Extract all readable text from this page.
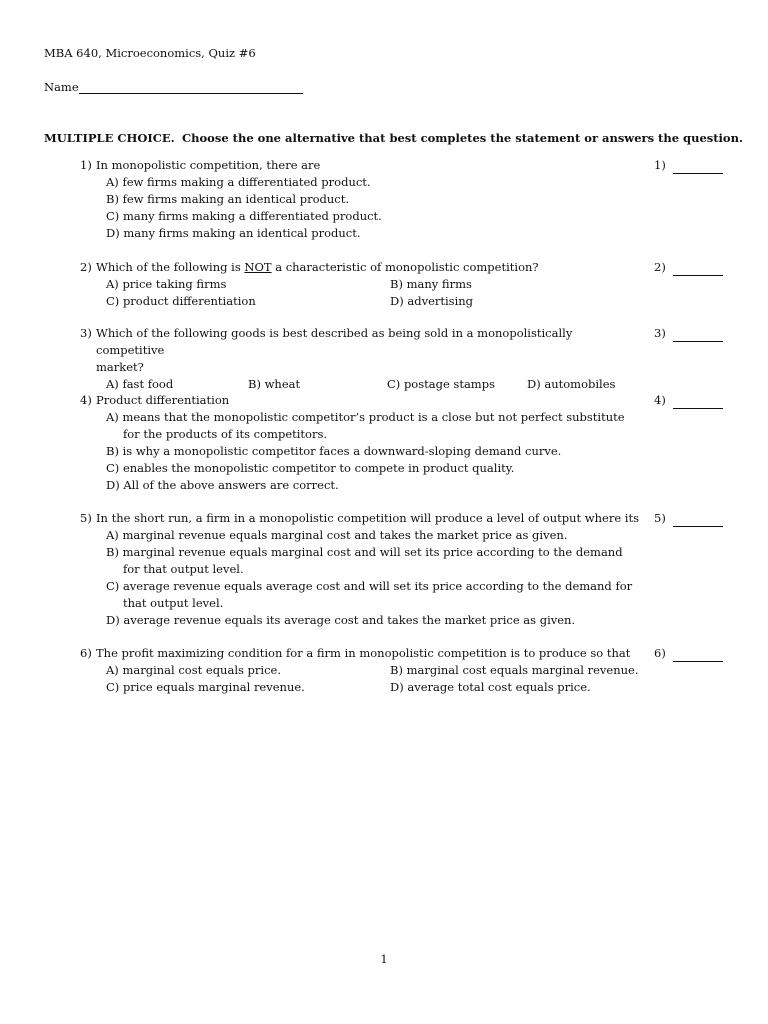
MBA 640, Microeconomics, Quiz #6
Name
MULTIPLE CHOICE. Choose the one alternative that best completes the statement or answers the question.
1) In monopolistic competition, there are
A) few firms making a differentiated product.
B) few firms making an identical product.
C) many firms making a differentiated product.
D) many firms making an identical product.
1)
2) Which of the following is NOT a characteristic of monopolistic competition?
A) price taking firms	B) many firms
C) product differentiation	D) advertising
2)
3) Which of the following goods is best described as being sold in a monopolistically competitive
market?
A) fast food	B) wheat	C) postage stamps	D) automobiles
3)
4) Product differentiation
A) means that the monopolistic competitor’s product is a close but not perfect substitute for the products of its competitors.
B) is why a monopolistic competitor faces a downward-sloping demand curve.
C) enables the monopolistic competitor to compete in product quality.
D) All of the above answers are correct.
4)
5) In the short run, a firm in a monopolistic competition will produce a level of output where its
A) marginal revenue equals marginal cost and takes the market price as given.
B) marginal revenue equals marginal cost and will set its price according to the demand for that output level.
C) average revenue equals average cost and will set its price according to the demand for that output level.
D) average revenue equals its average cost and takes the market price as given.
5)
6) The profit maximizing condition for a firm in monopolistic competition is to produce so that
A) marginal cost equals price.	B) marginal cost equals marginal revenue.
C) price equals marginal revenue.	D) average total cost equals price.
6)
1
